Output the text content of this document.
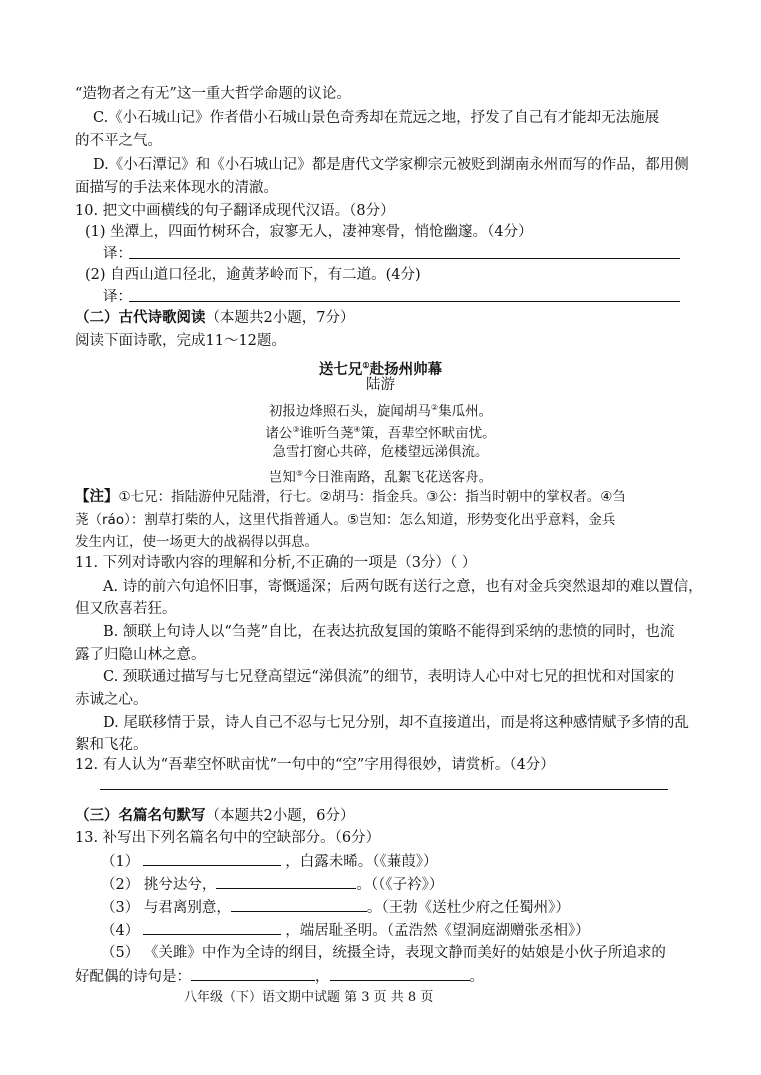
“造物者之有无”这一重大哲学命题的议论。
C.《小石城山记》作者借小石城山景色奇秀却在荒远之地，抒发了自己有才能却无法施展
的不平之气。
D.《小石潭记》和《小石城山记》都是唐代文学家柳宗元被贬到湖南永州而写的作品，都用侧
面描写的手法来体现水的清澈。
10. 把文中画横线的句子翻译成现代汉语。（8分）
(1) 坐潭上，四面竹树环合，寂寥无人，凄神寒骨，悄怆幽邃。（4分）
译：
(2) 自西山道口径北，逾黄茅岭而下，有二道。(4分)
译：
（二）古代诗歌阅读（本题共2小题，7分）
阅读下面诗歌，完成11～12题。
送七兄①赴扬州帅幕
陆游
初报边烽照石头，旋闻胡马②集瓜州。
诸公③谁听刍荛④策，吾辈空怀畎亩忧。
急雪打窗心共碎，危楼望远涕俱流。
岂知⑤今日淮南路，乱絮飞花送客舟。
【注】①七兄：指陆游仲兄陆滑，行七。②胡马：指金兵。③公：指当时朝中的掌权者。④刍
荛（ráo）：割草打柴的人，这里代指普通人。⑤岂知：怎么知道，形势变化出乎意料，金兵
发生内讧，使一场更大的战祸得以弭息。
11. 下列对诗歌内容的理解和分析,不正确的一项是（3分）（ ）
A. 诗的前六句追怀旧事，寄慨遥深；后两句既有送行之意，也有对金兵突然退却的难以置信，
但又欣喜若狂。
B. 颔联上句诗人以“刍荛”自比，在表达抗敌复国的策略不能得到采纳的悲愤的同时，也流
露了归隐山林之意。
C. 颈联通过描写与七兄登高望远“涕俱流”的细节，表明诗人心中对七兄的担忧和对国家的
赤诚之心。
D. 尾联移情于景，诗人自己不忍与七兄分别，却不直接道出，而是将这种感情赋予多情的乱
絮和飞花。
12. 有人认为“吾辈空怀畎亩忧”一句中的“空”字用得很妙，请赏析。（4分）
（三）名篇名句默写（本题共2小题，6分）
13. 补写出下列名篇名句中的空缺部分。（6分）
（1）	，白露未晞。（《蒹葭》）
（2） 挑兮达兮，	。（（《子衿》）
（3） 与君离别意，	。（王勃《送杜少府之任蜀州》）
（4）	，端居耻圣明。（孟浩然《望洞庭湖赠张丞相》）
（5） 《关雎》中作为全诗的纲目，统摄全诗，表现文静而美好的姑娘是小伙子所追求的
好配偶的诗句是：	，	。
八年级（下）语文期中试题 第 3 页 共 8 页
